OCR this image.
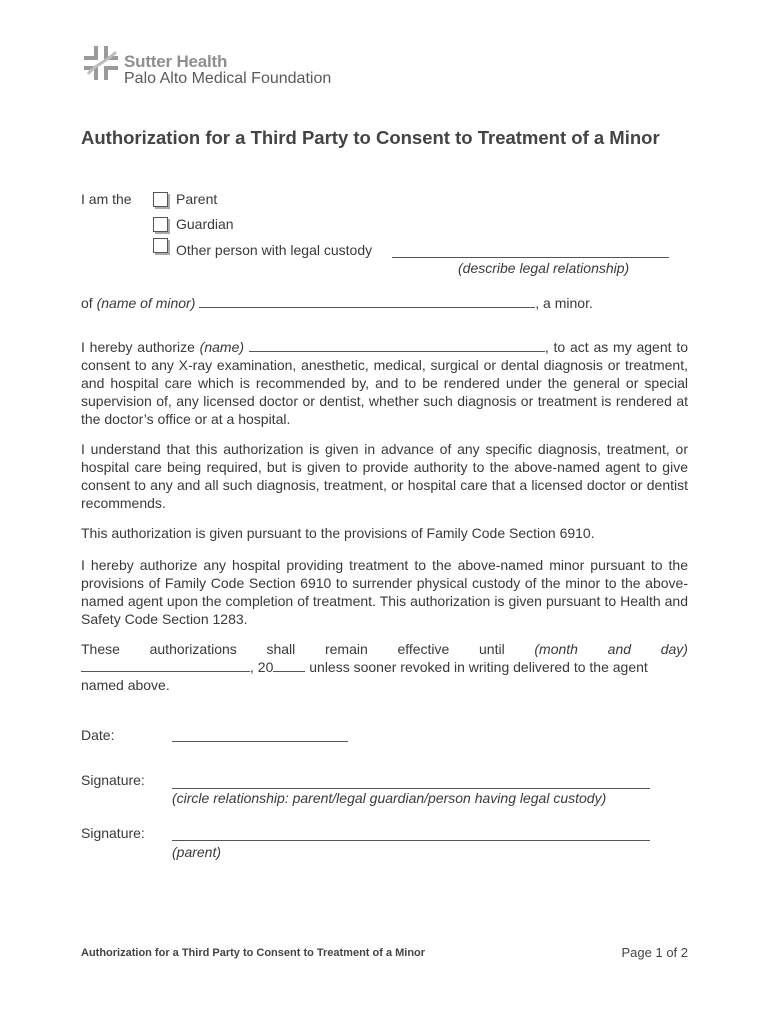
Sutter Health
Palo Alto Medical Foundation
Authorization for a Third Party to Consent to Treatment of a Minor
I am the	Parent
Guardian
Other person with legal custody
(describe legal relationship)
of (name of minor)	, a minor.
I hereby authorize (name)	, to act as my agent to consent to any X-ray examination, anesthetic, medical, surgical or dental diagnosis or treatment, and hospital care which is recommended by, and to be rendered under the general or special supervision of, any licensed doctor or dentist, whether such diagnosis or treatment is rendered at the doctor’s office or at a hospital.
I understand that this authorization is given in advance of any specific diagnosis, treatment, or hospital care being required, but is given to provide authority to the above-named agent to give consent to any and all such diagnosis, treatment, or hospital care that a licensed doctor or dentist recommends.
This authorization is given pursuant to the provisions of Family Code Section 6910.
I hereby authorize any hospital providing treatment to the above-named minor pursuant to the provisions of Family Code Section 6910 to surrender physical custody of the minor to the above-named agent upon the completion of treatment. This authorization is given pursuant to Health and Safety Code Section 1283.
These authorizations shall remain effective until (month and day)
, 20 unless sooner revoked in writing delivered to the agent
named above.
Date:
Signature:
(circle relationship: parent/legal guardian/person having legal custody)
Signature:
(parent)
Authorization for a Third Party to Consent to Treatment of a Minor	Page 1 of 2
